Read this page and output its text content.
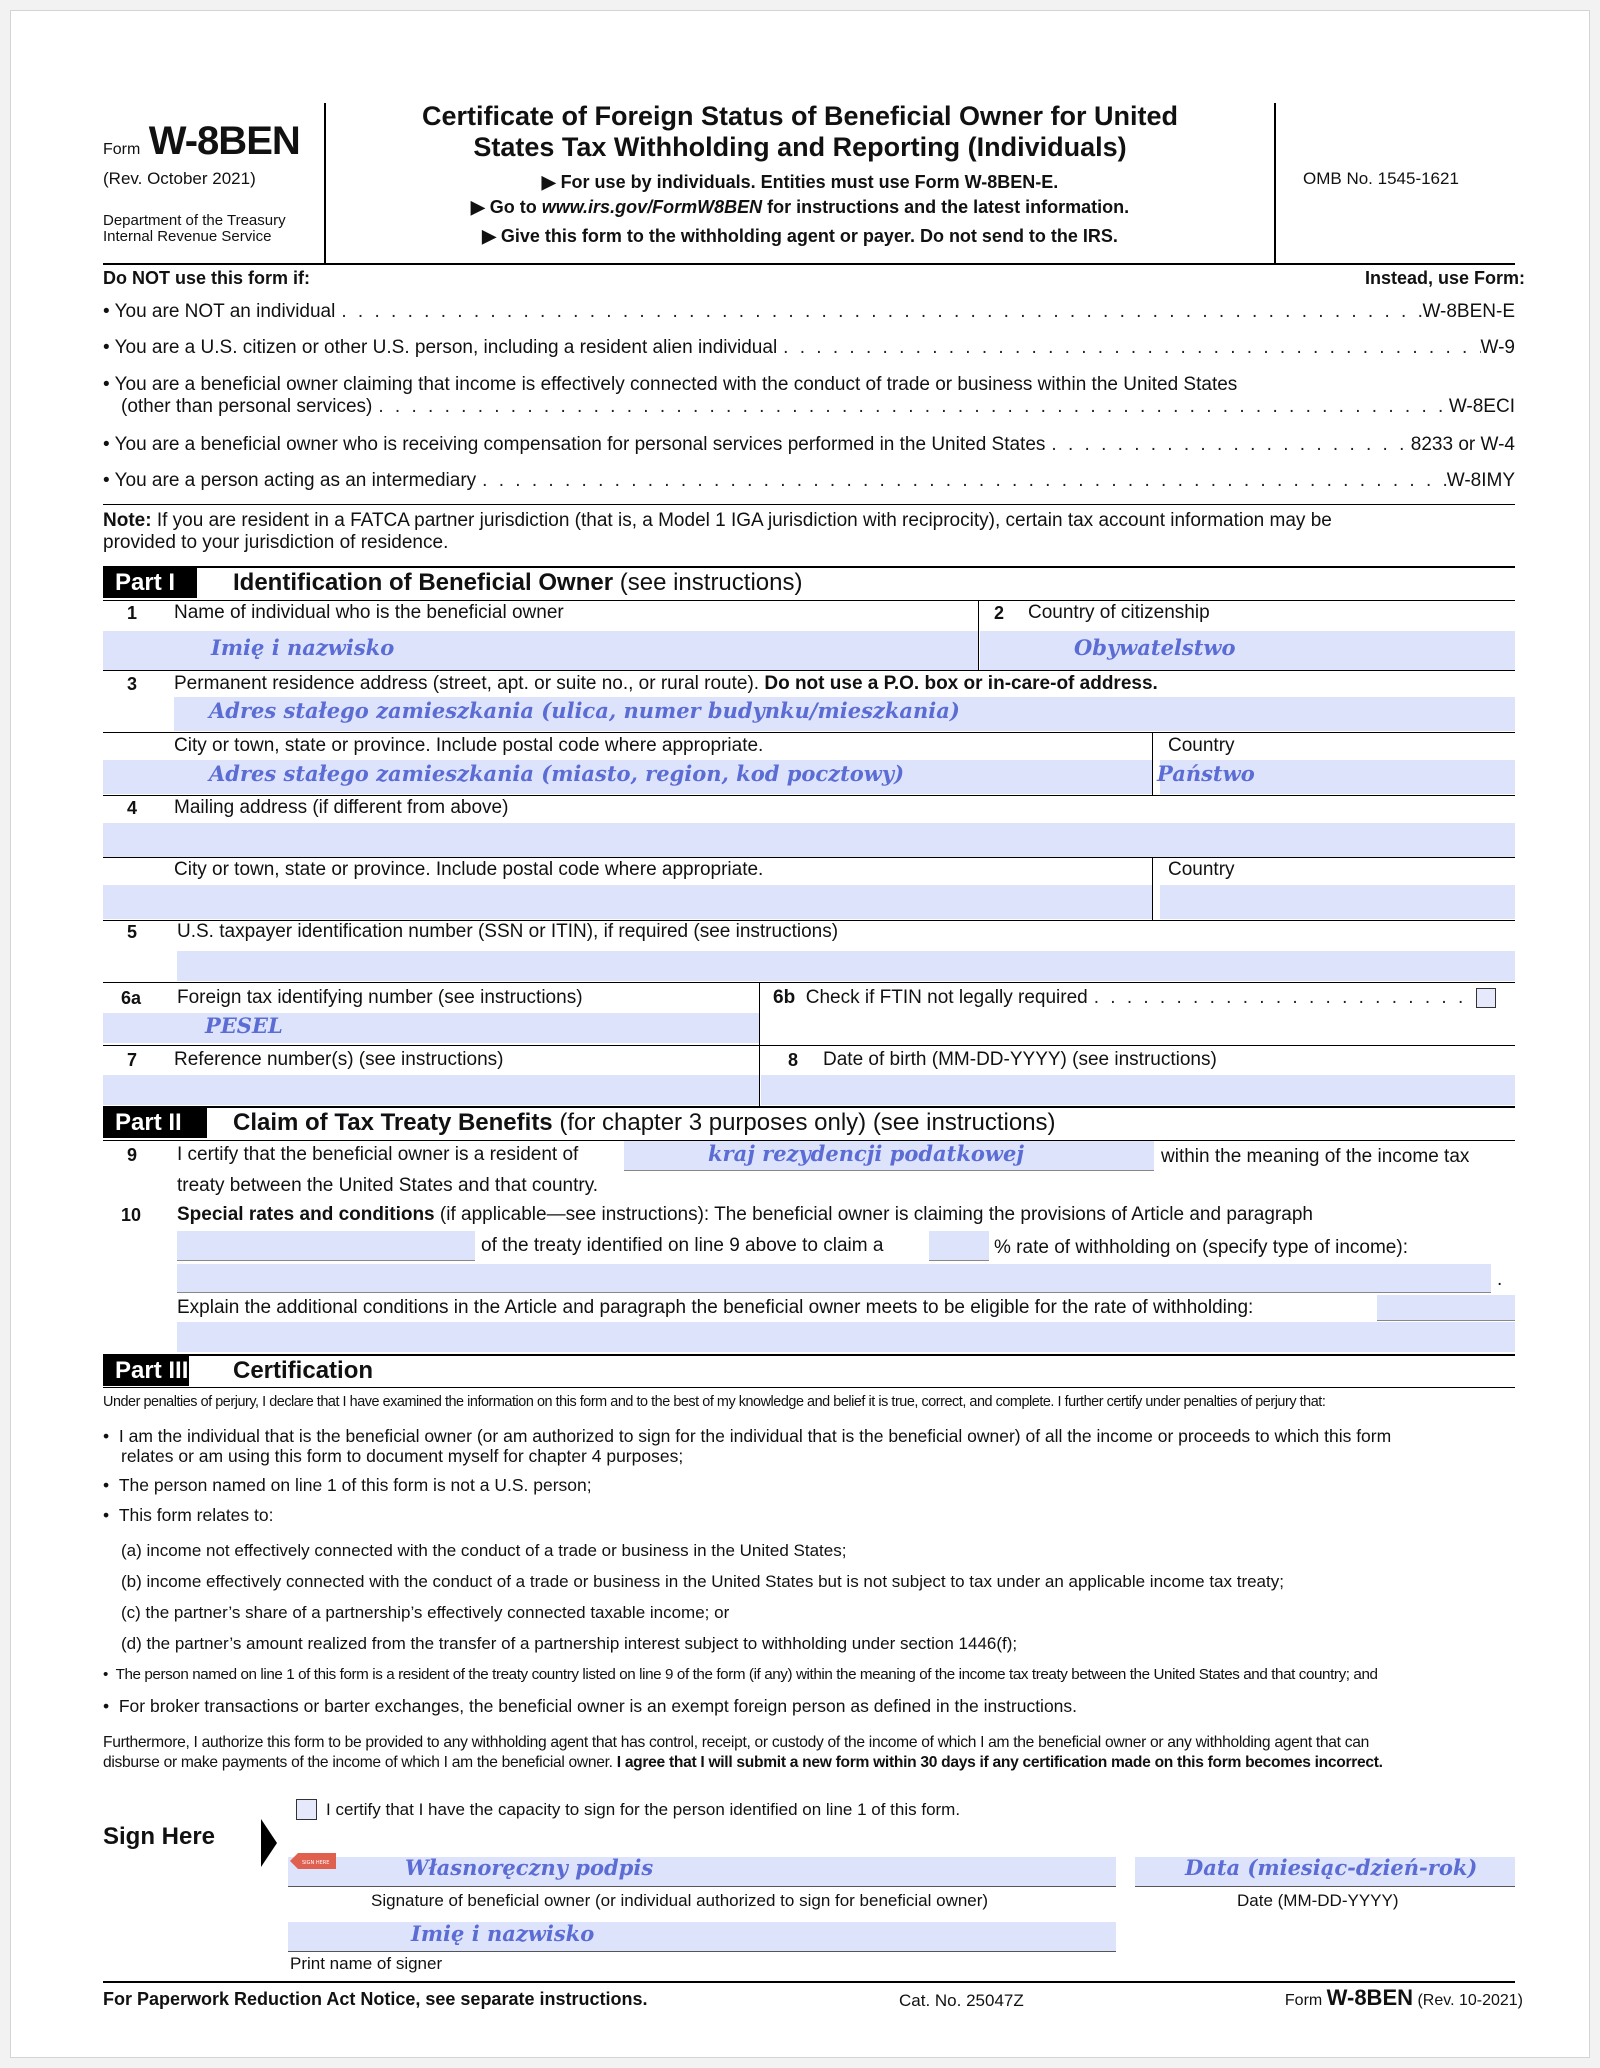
Form W-8BEN
(Rev. October 2021)
Department of the Treasury
Internal Revenue Service
Certificate of Foreign Status of Beneficial Owner for United
States Tax Withholding and Reporting (Individuals)
▶ For use by individuals. Entities must use Form W-8BEN-E.
▶ Go to www.irs.gov/FormW8BEN for instructions and the latest information.
▶ Give this form to the withholding agent or payer. Do not send to the IRS.
OMB No. 1545-1621
Do NOT use this form if:	Instead, use Form:
• You are NOT an individual . . .	W-8BEN-E
• You are a U.S. citizen or other U.S. person, including a resident alien individual . . .	W-9
• You are a beneficial owner claiming that income is effectively connected with the conduct of trade or business within the United States
(other than personal services) . . .	W-8ECI
• You are a beneficial owner who is receiving compensation for personal services performed in the United States . . .	8233 or W-4
• You are a person acting as an intermediary . . .	W-8IMY
Note: If you are resident in a FATCA partner jurisdiction (that is, a Model 1 IGA jurisdiction with reciprocity), certain tax account information may be
provided to your jurisdiction of residence.
Part I	Identification of Beneficial Owner (see instructions)
1 Name of individual who is the beneficial owner	2 Country of citizenship
Imię i nazwisko	Obywatelstwo
3 Permanent residence address (street, apt. or suite no., or rural route). Do not use a P.O. box or in-care-of address.
Adres stałego zamieszkania (ulica, numer budynku/mieszkania)
City or town, state or province. Include postal code where appropriate.	Country
Adres stałego zamieszkania (miasto, region, kod pocztowy)	Państwo
4 Mailing address (if different from above)
City or town, state or province. Include postal code where appropriate.	Country
5 U.S. taxpayer identification number (SSN or ITIN), if required (see instructions)
6a Foreign tax identifying number (see instructions)
PESEL
6b Check if FTIN not legally required
. . .
7 Reference number(s) (see instructions)	8 Date of birth (MM-DD-YYYY) (see instructions)
Part II	Claim of Tax Treaty Benefits (for chapter 3 purposes only) (see instructions)
9 I certify that the beneficial owner is a resident of	kraj rezydencji podatkowej	within the meaning of the income tax
treaty between the United States and that country.
10 Special rates and conditions (if applicable—see instructions): The beneficial owner is claiming the provisions of Article and paragraph
of the treaty identified on line 9 above to claim a	% rate of withholding on (specify type of income):
.
Explain the additional conditions in the Article and paragraph the beneficial owner meets to be eligible for the rate of withholding:
Part III Certification
Under penalties of perjury, I declare that I have examined the information on this form and to the best of my knowledge and belief it is true, correct, and complete. I further certify under penalties of perjury that:
•  I am the individual that is the beneficial owner (or am authorized to sign for the individual that is the beneficial owner) of all the income or proceeds to which this form
relates or am using this form to document myself for chapter 4 purposes;
•  The person named on line 1 of this form is not a U.S. person;
•  This form relates to:
(a) income not effectively connected with the conduct of a trade or business in the United States;
(b) income effectively connected with the conduct of a trade or business in the United States but is not subject to tax under an applicable income tax treaty;
(c) the partner’s share of a partnership’s effectively connected taxable income; or
(d) the partner’s amount realized from the transfer of a partnership interest subject to withholding under section 1446(f);
•  The person named on line 1 of this form is a resident of the treaty country listed on line 9 of the form (if any) within the meaning of the income tax treaty between the United States and that country; and
•  For broker transactions or barter exchanges, the beneficial owner is an exempt foreign person as defined in the instructions.
Furthermore, I authorize this form to be provided to any withholding agent that has control, receipt, or custody of the income of which I am the beneficial owner or any withholding agent that can
disburse or make payments of the income of which I am the beneficial owner. I agree that I will submit a new form within 30 days if any certification made on this form becomes incorrect.
I certify that I have the capacity to sign for the person identified on line 1 of this form.
Sign Here
SIGN HERE	Własnoręczny podpis
Signature of beneficial owner (or individual authorized to sign for beneficial owner)
Data (miesiąc-dzień-rok)
Date (MM-DD-YYYY)
Imię i nazwisko
Print name of signer
For Paperwork Reduction Act Notice, see separate instructions.	Cat. No. 25047Z	Form W-8BEN (Rev. 10-2021)
